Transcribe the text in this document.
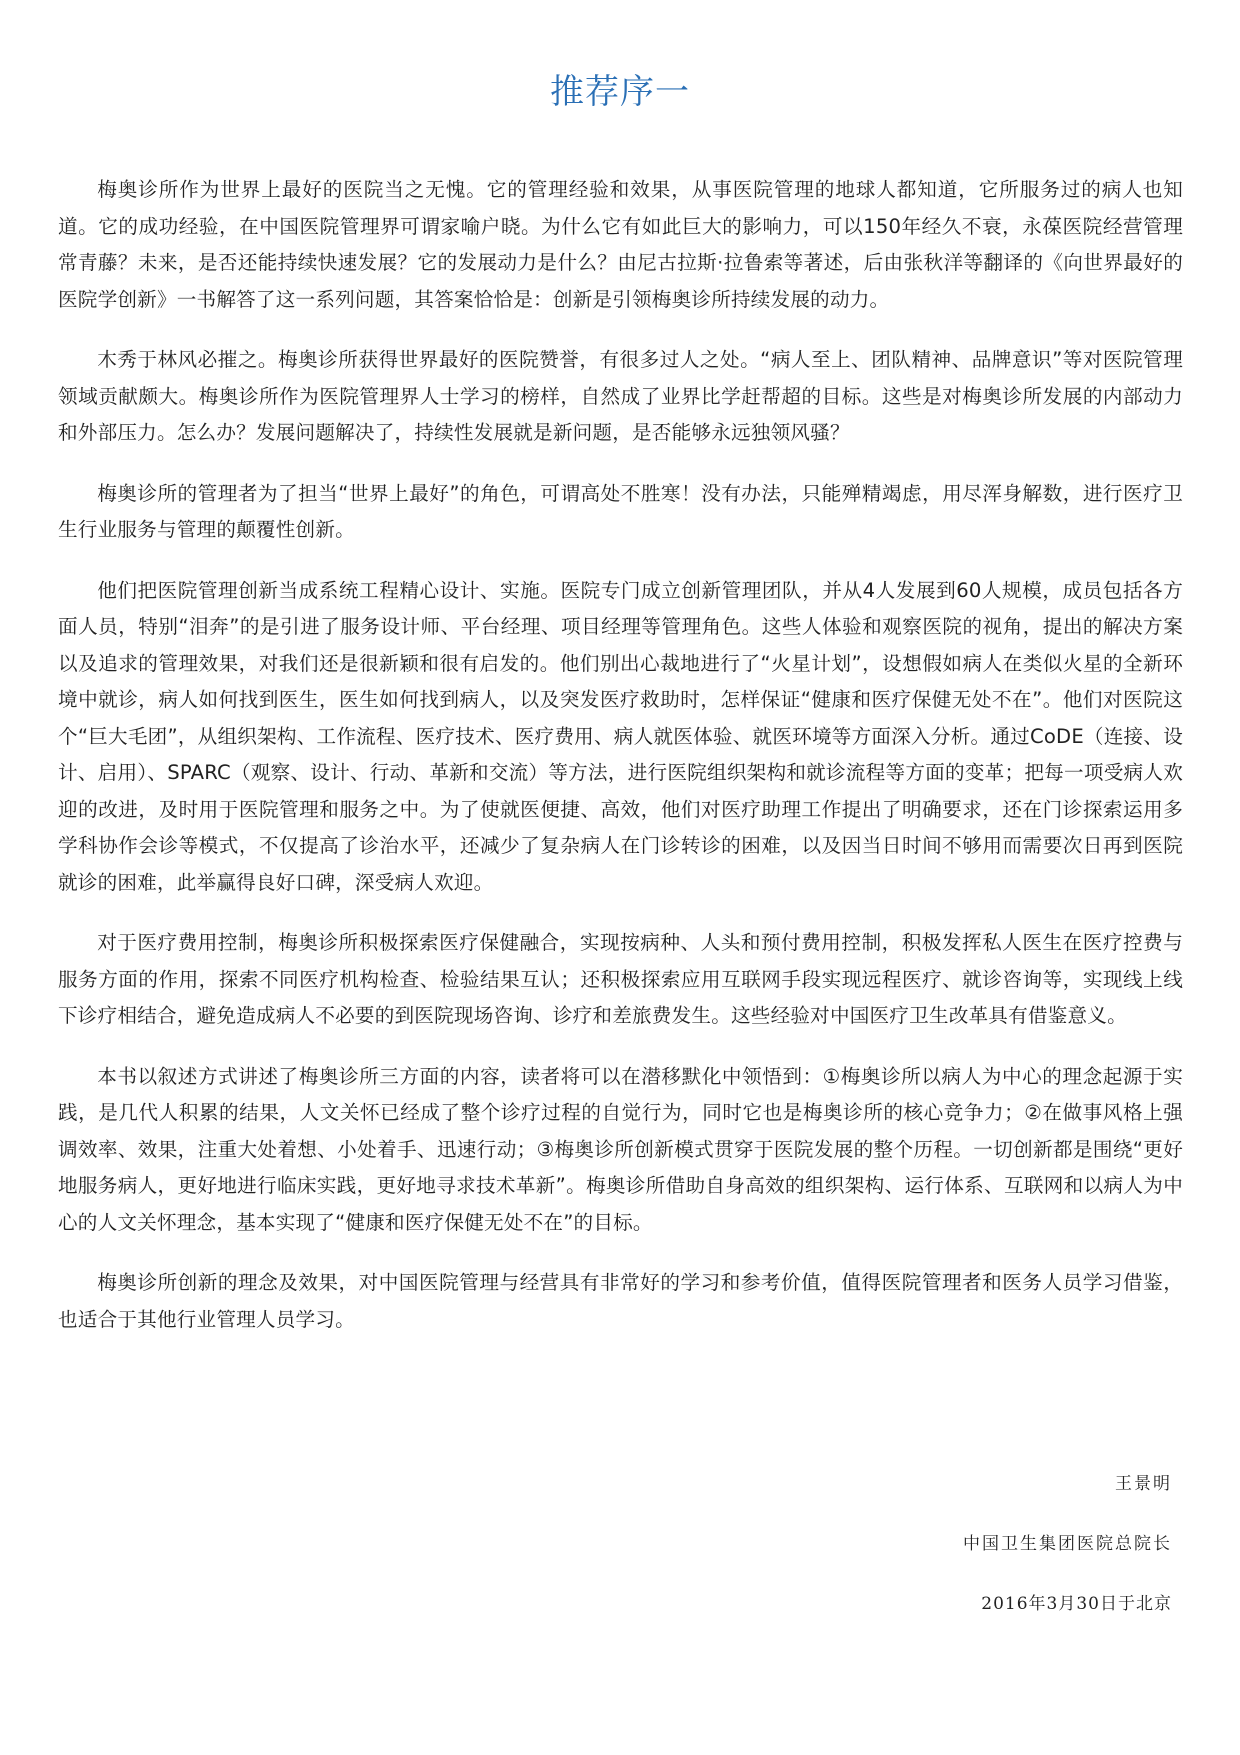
推荐序一

梅奥诊所作为世界上最好的医院当之无愧。它的管理经验和效果，从事医院管理的地球人都知道，它所服务过的病人也知道。它的成功经验，在中国医院管理界可谓家喻户晓。为什么它有如此巨大的影响力，可以150年经久不衰，永葆医院经营管理常青藤？未来，是否还能持续快速发展？它的发展动力是什么？由尼古拉斯·拉鲁索等著述，后由张秋洋等翻译的《向世界最好的医院学创新》一书解答了这一系列问题，其答案恰恰是：创新是引领梅奥诊所持续发展的动力。

木秀于林风必摧之。梅奥诊所获得世界最好的医院赞誉，有很多过人之处。“病人至上、团队精神、品牌意识”等对医院管理领域贡献颇大。梅奥诊所作为医院管理界人士学习的榜样，自然成了业界比学赶帮超的目标。这些是对梅奥诊所发展的内部动力和外部压力。怎么办？发展问题解决了，持续性发展就是新问题，是否能够永远独领风骚？

梅奥诊所的管理者为了担当“世界上最好”的角色，可谓高处不胜寒！没有办法，只能殚精竭虑，用尽浑身解数，进行医疗卫生行业服务与管理的颠覆性创新。

他们把医院管理创新当成系统工程精心设计、实施。医院专门成立创新管理团队，并从4人发展到60人规模，成员包括各方面人员，特别“泪奔”的是引进了服务设计师、平台经理、项目经理等管理角色。这些人体验和观察医院的视角，提出的解决方案以及追求的管理效果，对我们还是很新颖和很有启发的。他们别出心裁地进行了“火星计划”，设想假如病人在类似火星的全新环境中就诊，病人如何找到医生，医生如何找到病人，以及突发医疗救助时，怎样保证“健康和医疗保健无处不在”。他们对医院这个“巨大毛团”，从组织架构、工作流程、医疗技术、医疗费用、病人就医体验、就医环境等方面深入分析。通过CoDE（连接、设计、启用）、SPARC（观察、设计、行动、革新和交流）等方法，进行医院组织架构和就诊流程等方面的变革；把每一项受病人欢迎的改进，及时用于医院管理和服务之中。为了使就医便捷、高效，他们对医疗助理工作提出了明确要求，还在门诊探索运用多学科协作会诊等模式，不仅提高了诊治水平，还减少了复杂病人在门诊转诊的困难，以及因当日时间不够用而需要次日再到医院就诊的困难，此举赢得良好口碑，深受病人欢迎。

对于医疗费用控制，梅奥诊所积极探索医疗保健融合，实现按病种、人头和预付费用控制，积极发挥私人医生在医疗控费与服务方面的作用，探索不同医疗机构检查、检验结果互认；还积极探索应用互联网手段实现远程医疗、就诊咨询等，实现线上线下诊疗相结合，避免造成病人不必要的到医院现场咨询、诊疗和差旅费发生。这些经验对中国医疗卫生改革具有借鉴意义。

本书以叙述方式讲述了梅奥诊所三方面的内容，读者将可以在潜移默化中领悟到：①梅奥诊所以病人为中心的理念起源于实践，是几代人积累的结果，人文关怀已经成了整个诊疗过程的自觉行为，同时它也是梅奥诊所的核心竞争力；②在做事风格上强调效率、效果，注重大处着想、小处着手、迅速行动；③梅奥诊所创新模式贯穿于医院发展的整个历程。一切创新都是围绕“更好地服务病人，更好地进行临床实践，更好地寻求技术革新”。梅奥诊所借助自身高效的组织架构、运行体系、互联网和以病人为中心的人文关怀理念，基本实现了“健康和医疗保健无处不在”的目标。

梅奥诊所创新的理念及效果，对中国医院管理与经营具有非常好的学习和参考价值，值得医院管理者和医务人员学习借鉴，也适合于其他行业管理人员学习。

王景明
中国卫生集团医院总院长
2016年3月30日于北京
